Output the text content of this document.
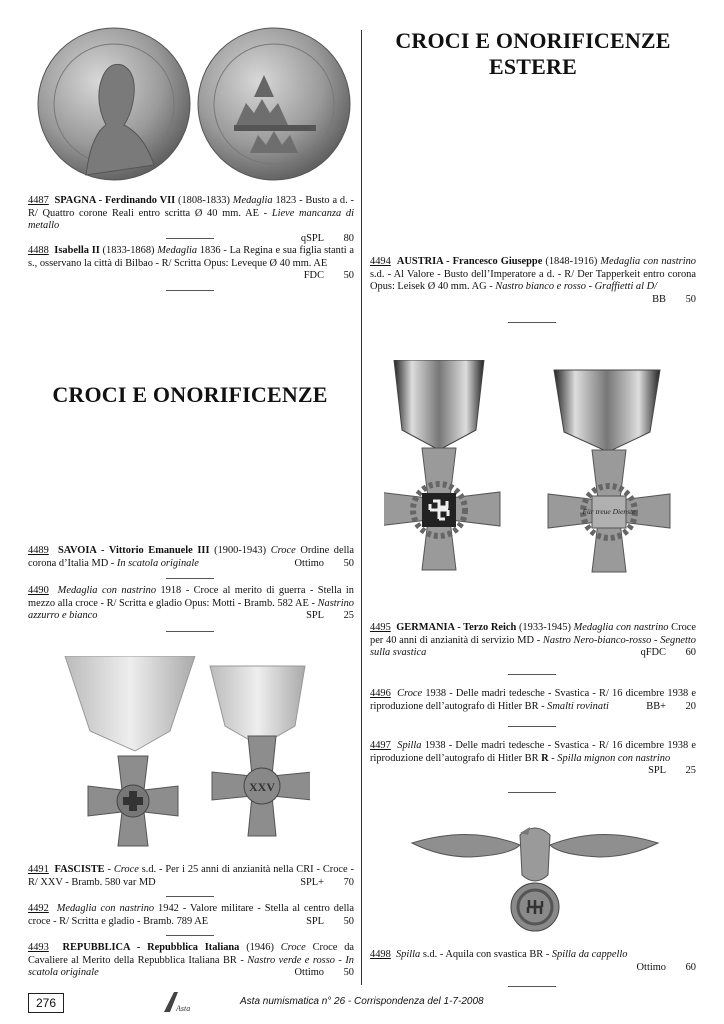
CROCI E ONORIFICENZE ESTERE
CROCI E ONORIFICENZE
4487 SPAGNA - Ferdinando VII (1808-1833) Medaglia 1823 - Busto a d. - R/ Quattro corone Reali entro scritta Ø 40 mm. AE - Lieve mancanza di metallo
qSPL	80
4488 Isabella II (1833-1868) Medaglia 1836 - La Regina e sua figlia stanti a s., osservano la città di Bilbao - R/ Scritta Opus: Leveque Ø 40 mm. AE
FDC	50
4489 SAVOIA - Vittorio Emanuele III (1900-1943) Croce Ordine della corona d’Italia MD - In scatola originale	Ottimo 50
4490 Medaglia con nastrino 1918 - Croce al merito di guerra - Stella in mezzo alla croce - R/ Scritta e gladio Opus: Motti - Bramb. 582 AE - Nastrino azzurro e bianco	SPL 25
XXV
4491 FASCISTE - Croce s.d. - Per i 25 anni di anzianità nella CRI - Croce - R/ XXV - Bramb. 580 var MD	SPL+ 70
4492 Medaglia con nastrino 1942 - Valore militare - Stella al centro della croce - R/ Scritta e gladio - Bramb. 789 AE	SPL 50
4493 REPUBBLICA - Repubblica Italiana (1946) Croce Croce da Cavaliere al Merito della Repubblica Italiana BR - Nastro verde e rosso - In scatola originale	Ottimo 50
4494 AUSTRIA - Francesco Giuseppe (1848-1916) Medaglia con nastrino s.d. - Al Valore - Busto dell’Imperatore a d. - R/ Der Tapperkeit entro corona Opus: Leisek Ø 40 mm. AG - Nastro bianco e rosso - Graffietti al D/
BB 50
Für treue Dienste
4495 GERMANIA - Terzo Reich (1933-1945) Medaglia con nastrino Croce per 40 anni di anzianità di servizio MD - Nastro Nero-bianco-rosso - Segnetto sulla svastica	qFDC 60
4496 Croce 1938 - Delle madri tedesche - Svastica - R/ 16 dicembre 1938 e riproduzione dell’autografo di Hitler BR - Smalti rovinati	BB+ 20
4497 Spilla 1938 - Delle madri tedesche - Svastica - R/ 16 dicembre 1938 e riproduzione dell’autografo di Hitler BR R - Spilla mignon con nastrino
SPL	25
4498 Spilla s.d. - Aquila con svastica BR - Spilla da cappello
Ottimo	60
276	Asta
Asta numismatica n° 26 - Corrispondenza del 1-7-2008
